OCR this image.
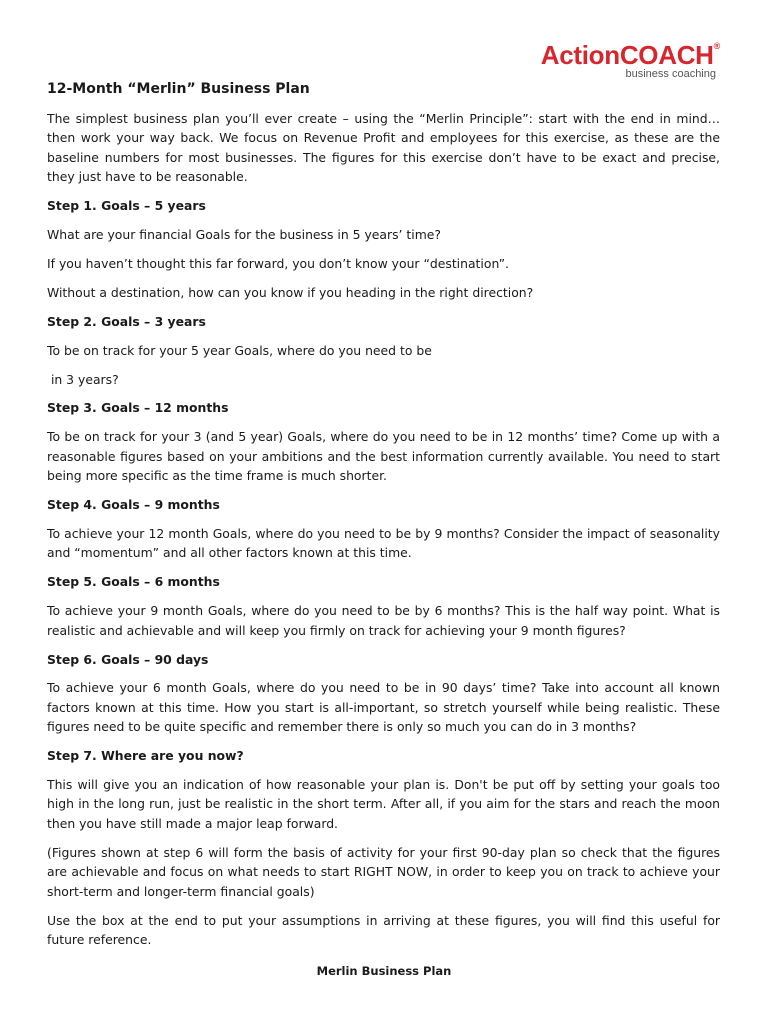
ActionCOACH®
business coaching
12-Month “Merlin” Business Plan

The simplest business plan you’ll ever create – using the “Merlin Principle”: start with the end in mind… then work your way back. We focus on Revenue Profit and employees for this exercise, as these are the baseline numbers for most businesses. The figures for this exercise don’t have to be exact and precise, they just have to be reasonable.

Step 1. Goals – 5 years

What are your financial Goals for the business in 5 years’ time?

If you haven’t thought this far forward, you don’t know your “destination”.

Without a destination, how can you know if you heading in the right direction?

Step 2. Goals – 3 years

To be on track for your 5 year Goals, where do you need to be

in 3 years?

Step 3. Goals – 12 months

To be on track for your 3 (and 5 year) Goals, where do you need to be in 12 months’ time? Come up with a reasonable figures based on your ambitions and the best information currently available. You need to start being more specific as the time frame is much shorter.

Step 4. Goals – 9 months

To achieve your 12 month Goals, where do you need to be by 9 months? Consider the impact of seasonality and “momentum” and all other factors known at this time.

Step 5. Goals – 6 months

To achieve your 9 month Goals, where do you need to be by 6 months? This is the half way point. What is realistic and achievable and will keep you firmly on track for achieving your 9 month figures?

Step 6. Goals – 90 days

To achieve your 6 month Goals, where do you need to be in 90 days’ time? Take into account all known factors known at this time. How you start is all-important, so stretch yourself while being realistic. These figures need to be quite specific and remember there is only so much you can do in 3 months?

Step 7. Where are you now?

This will give you an indication of how reasonable your plan is. Don't be put off by setting your goals too high in the long run, just be realistic in the short term. After all, if you aim for the stars and reach the moon then you have still made a major leap forward.

(Figures shown at step 6 will form the basis of activity for your first 90-day plan so check that the figures are achievable and focus on what needs to start RIGHT NOW, in order to keep you on track to achieve your short-term and longer-term financial goals)

Use the box at the end to put your assumptions in arriving at these figures, you will find this useful for future reference.

Merlin Business Plan
